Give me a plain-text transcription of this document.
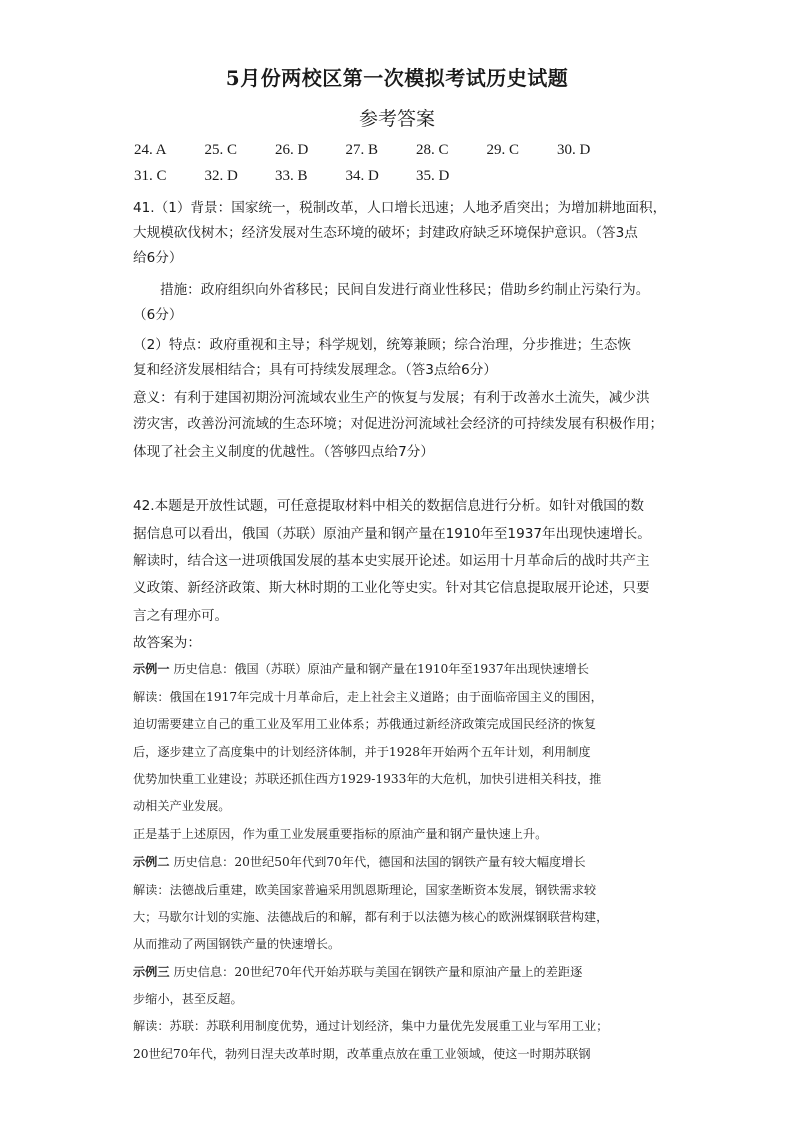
5月份两校区第一次模拟考试历史试题
参考答案
24. A	25. C	26. D 27. B	28. C	29. C	30. D
31. C	32. D 33. B	34. D 35. D
41.（1）背景：国家统一，税制改革，人口增长迅速；人地矛盾突出；为增加耕地面积，
大规模砍伐树木；经济发展对生态环境的破坏；封建政府缺乏环境保护意识。（答3点
给6分）
措施：政府组织向外省移民；民间自发进行商业性移民；借助乡约制止污染行为。
（6分）
（2）特点：政府重视和主导；科学规划，统筹兼顾；综合治理，分步推进；生态恢
复和经济发展相结合；具有可持续发展理念。（答3点给6分）
意义：有利于建国初期汾河流域农业生产的恢复与发展；有利于改善水土流失，减少洪
涝灾害，改善汾河流域的生态环境；对促进汾河流域社会经济的可持续发展有积极作用；
体现了社会主义制度的优越性。（答够四点给7分）
42.本题是开放性试题，可任意提取材料中相关的数据信息进行分析。如针对俄国的数
据信息可以看出，俄国（苏联）原油产量和钢产量在1910年至1937年出现快速增长。
解读时，结合这一进项俄国发展的基本史实展开论述。如运用十月革命后的战时共产主
义政策、新经济政策、斯大林时期的工业化等史实。针对其它信息提取展开论述，只要
言之有理亦可。
故答案为：
示例一 历史信息：俄国（苏联）原油产量和钢产量在1910年至1937年出现快速增长
解读：俄国在1917年完成十月革命后，走上社会主义道路；由于面临帝国主义的围困，
迫切需要建立自己的重工业及军用工业体系；苏俄通过新经济政策完成国民经济的恢复
后，逐步建立了高度集中的计划经济体制，并于1928年开始两个五年计划，利用制度
优势加快重工业建设；苏联还抓住西方1929-1933年的大危机，加快引进相关科技，推
动相关产业发展。
正是基于上述原因，作为重工业发展重要指标的原油产量和钢产量快速上升。
示例二 历史信息：20世纪50年代到70年代，德国和法国的钢铁产量有较大幅度增长
解读：法德战后重建，欧美国家普遍采用凯恩斯理论，国家垄断资本发展，钢铁需求较
大；马歇尔计划的实施、法德战后的和解，都有利于以法德为核心的欧洲煤钢联营构建，
从而推动了两国钢铁产量的快速增长。
示例三 历史信息：20世纪70年代开始苏联与美国在钢铁产量和原油产量上的差距逐
步缩小，甚至反超。
解读：苏联：苏联利用制度优势，通过计划经济，集中力量优先发展重工业与军用工业；
20世纪70年代，勃列日涅夫改革时期，改革重点放在重工业领域，使这一时期苏联钢
